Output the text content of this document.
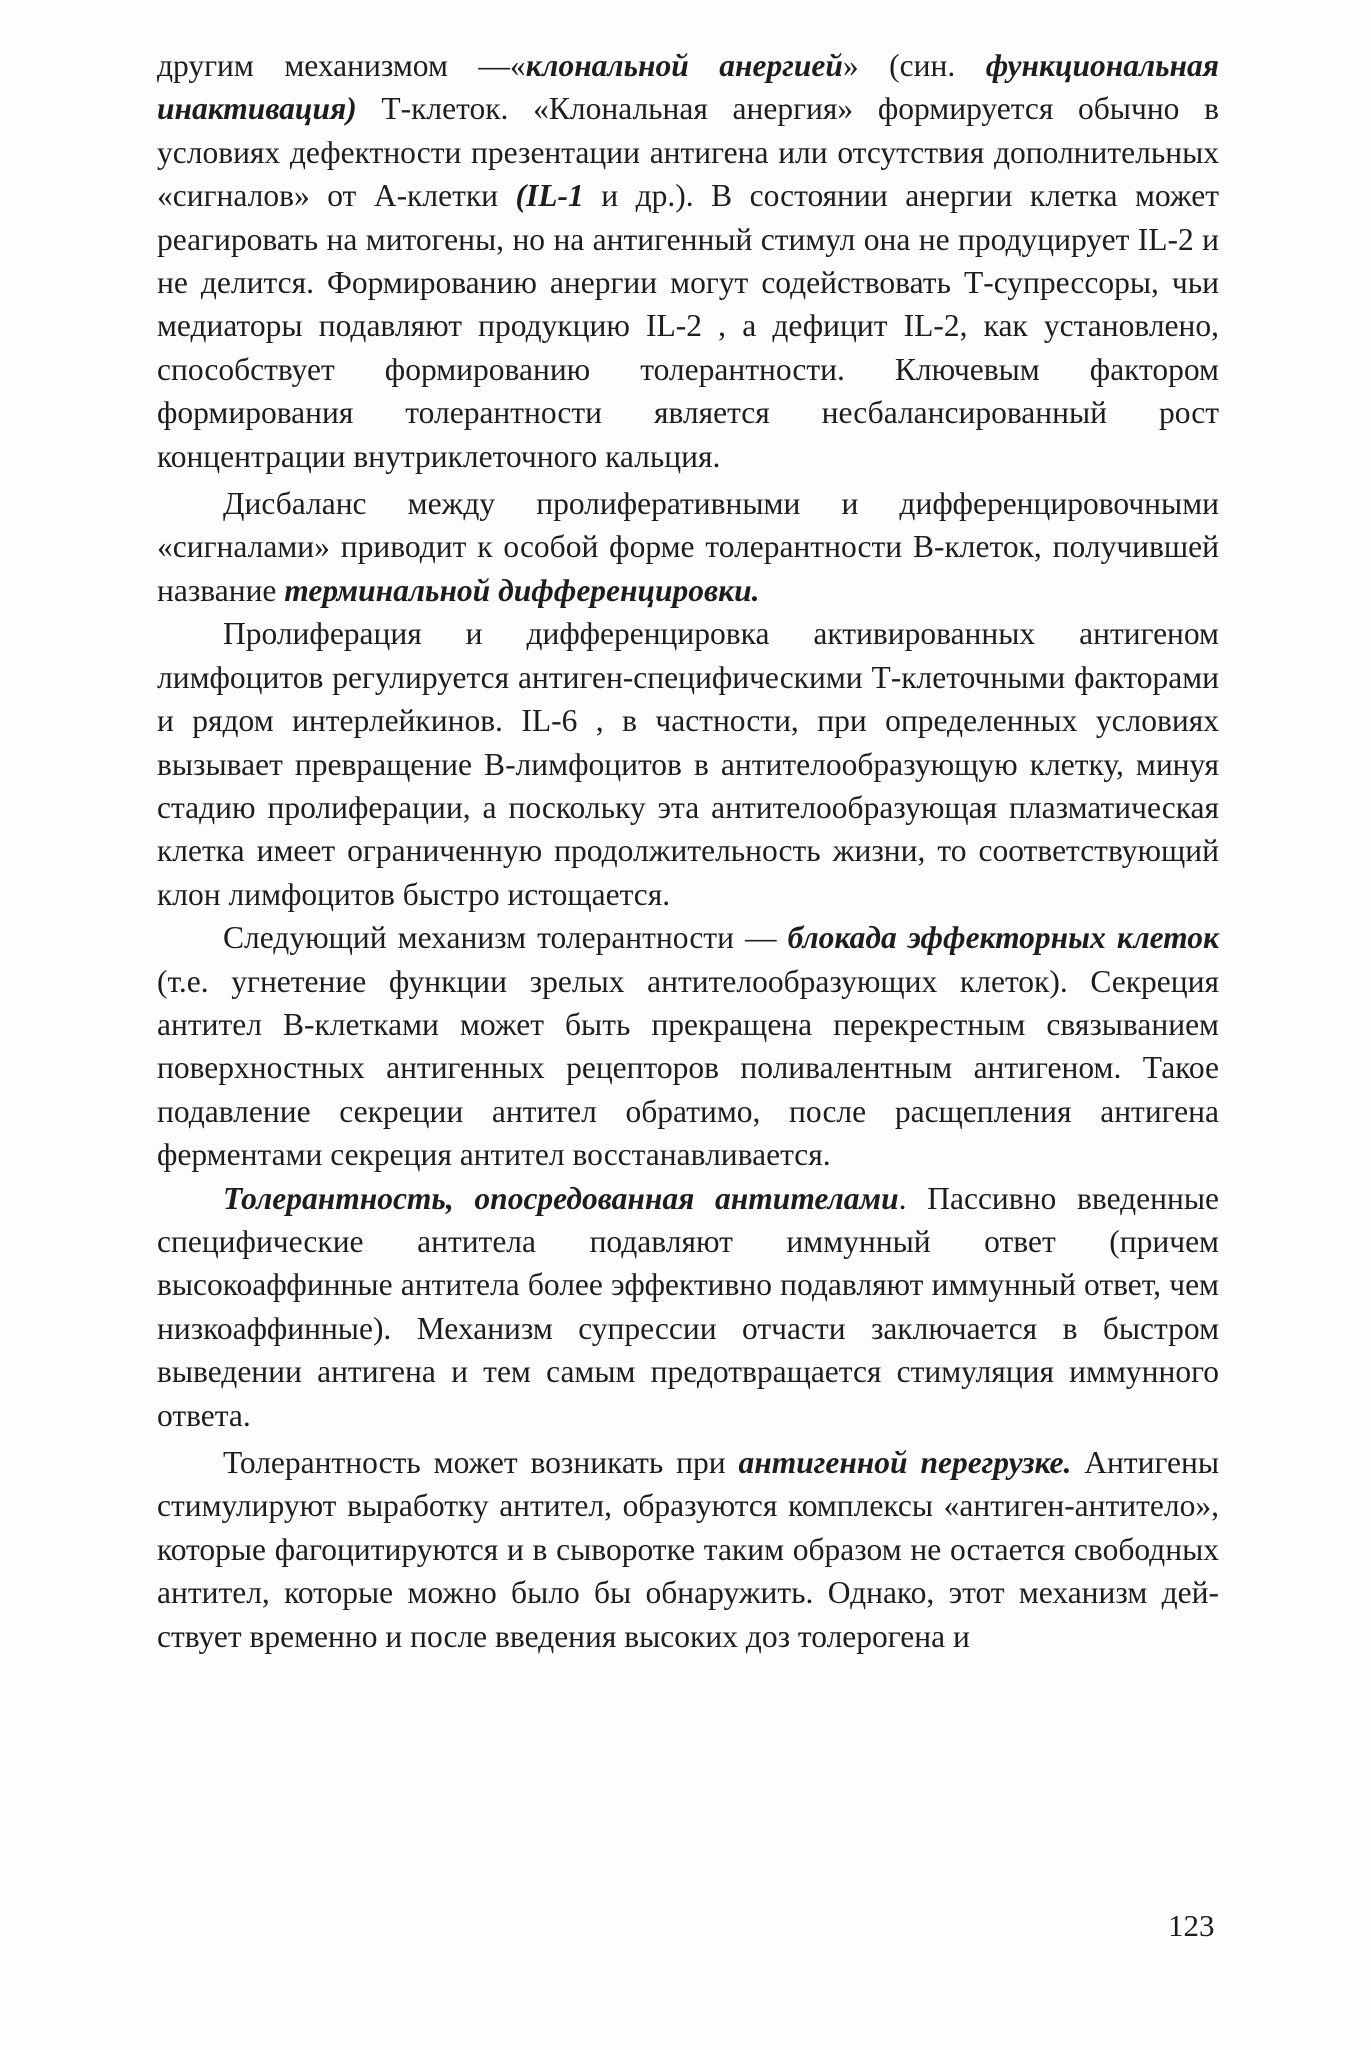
другим механизмом —«клональной анергией» (син. функциональная инактивация) Т-клеток. «Клональная анергия» формируется обычно в условиях дефектности презентации антигена или отсутствия дополнительных «сигналов» от А-клетки (IL-1 и др.). В состоянии анергии клетка может реагировать на митогены, но на антигенный стимул она не продуцирует IL-2 и не делится. Формированию анергии могут содействовать Т-супрессоры, чьи медиаторы подавляют продукцию IL-2 , а дефицит IL-2, как установлено, способствует формированию толерантности. Ключевым фактором формирования толерантности является несбалансированный рост концентрации внутриклеточного кальция.

Дисбаланс между пролиферативными и дифференцировочными «сигналами» приводит к особой форме толерантности В-клеток, получившей название терминальной дифференцировки.

Пролиферация и дифференцировка активированных антигеном лимфоцитов регулируется антиген-специфическими Т-клеточными факторами и рядом интерлейкинов. IL-6 , в частности, при определенных условиях вызывает превращение В-лимфоцитов в антителообразующую клетку, минуя стадию пролиферации, а поскольку эта антителообразующая плазматическая клетка имеет ограниченную продолжительность жизни, то соответствующий клон лимфоцитов быстро истощается.

Следующий механизм толерантности — блокада эффекторных клеток (т.е. угнетение функции зрелых антителообразующих клеток). Секреция антител В-клетками может быть прекращена перекрестным связыванием поверхностных антигенных рецепторов поливалентным антигеном. Такое подавление секреции антител обратимо, после расщепления антигена ферментами секреция антител восстанавливается.

Толерантность, опосредованная антителами. Пассивно введенные специфические антитела подавляют иммунный ответ (причем высокоаффинные антитела более эффективно подавляют иммунный ответ, чем низкоаффинные). Механизм супрессии отчасти заключается в быстром выведении антигена и тем самым предотвращается стимуляция иммунного ответа.

Толерантность может возникать при антигенной перегрузке. Антигены стимулируют выработку антител, образуются комплексы «антиген-антитело», которые фагоцитируются и в сыворотке таким образом не остается свободных антител, которые можно было бы обнаружить. Однако, этот механизм действует временно и после введения высоких доз толерогена и

123
